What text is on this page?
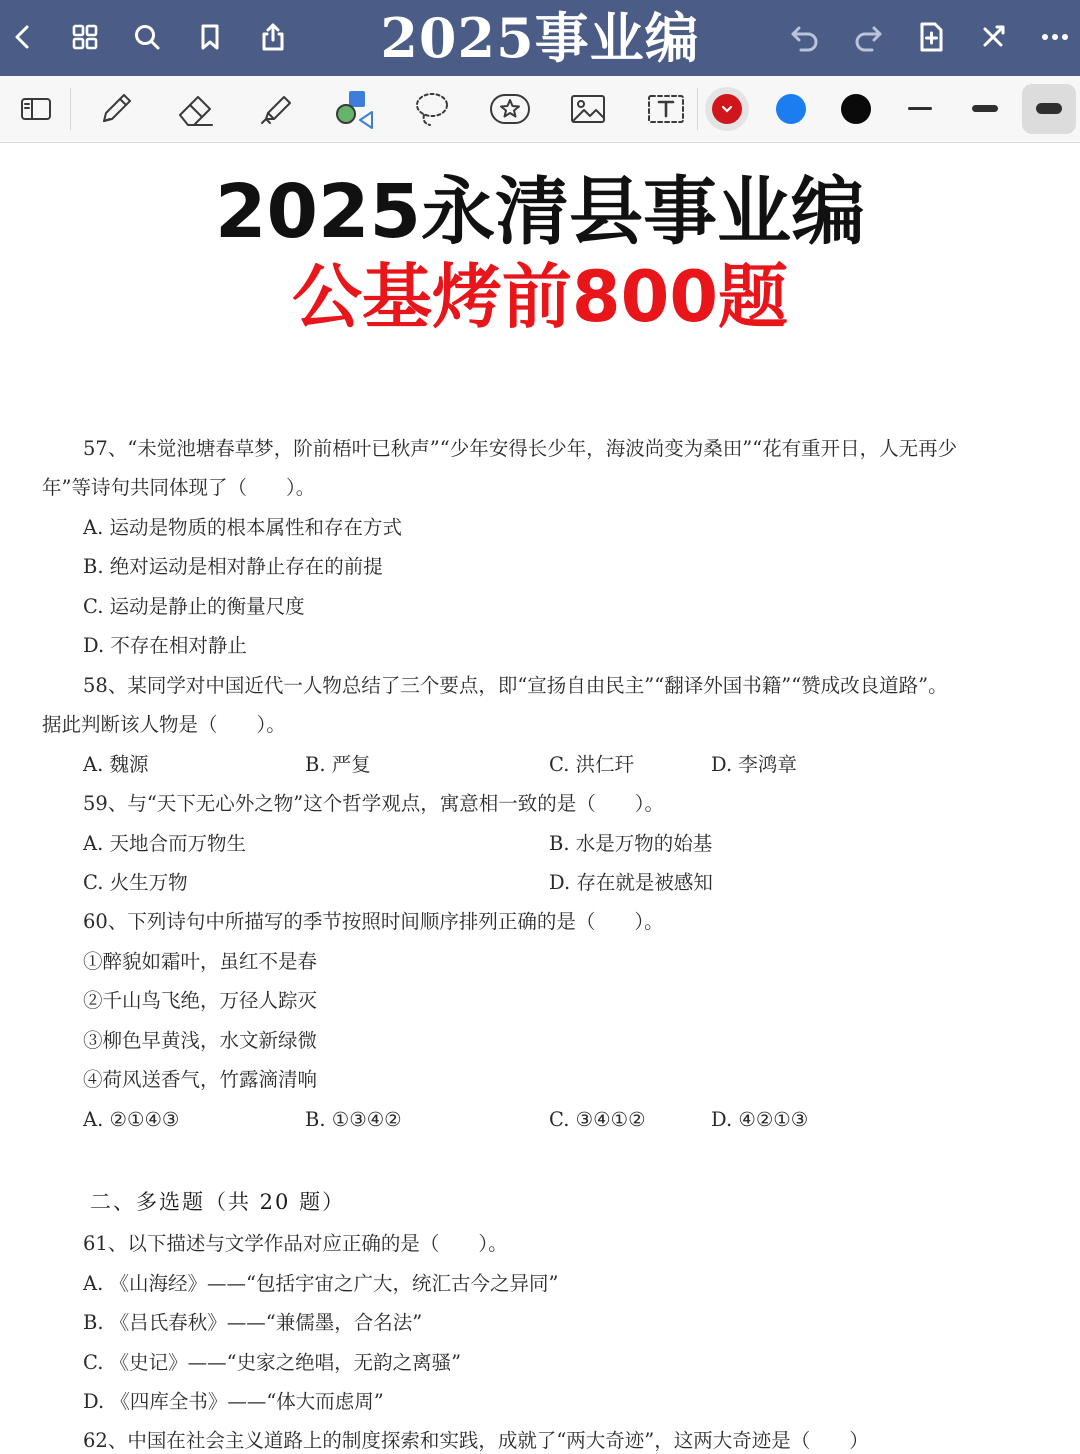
2025事业编
2025永清县事业编
公基烤前800题
57、“未觉池塘春草梦，阶前梧叶已秋声”“少年安得长少年，海波尚变为桑田”“花有重开日，人无再少
年”等诗句共同体现了（　　）。
A. 运动是物质的根本属性和存在方式
B. 绝对运动是相对静止存在的前提
C. 运动是静止的衡量尺度
D. 不存在相对静止
58、某同学对中国近代一人物总结了三个要点，即“宣扬自由民主”“翻译外国书籍”“赞成改良道路”。
据此判断该人物是（　　）。
A. 魏源	B. 严复	C. 洪仁玕	D. 李鸿章
59、与“天下无心外之物”这个哲学观点，寓意相一致的是（　　）。
A. 天地合而万物生	B. 水是万物的始基
C. 火生万物	D. 存在就是被感知
60、下列诗句中所描写的季节按照时间顺序排列正确的是（　　）。
①醉貌如霜叶，虽红不是春
②千山鸟飞绝，万径人踪灭
③柳色早黄浅，水文新绿微
④荷风送香气，竹露滴清响
A. ②①④③	B. ①③④②	C. ③④①②	D. ④②①③
二、多选题（共 20 题）
61、以下描述与文学作品对应正确的是（　　）。
A. 《山海经》——“包括宇宙之广大，统汇古今之异同”
B. 《吕氏春秋》——“兼儒墨，合名法”
C. 《史记》——“史家之绝唱，无韵之离骚”
D. 《四库全书》——“体大而虑周”
62、中国在社会主义道路上的制度探索和实践，成就了“两大奇迹”，这两大奇迹是（　　）
